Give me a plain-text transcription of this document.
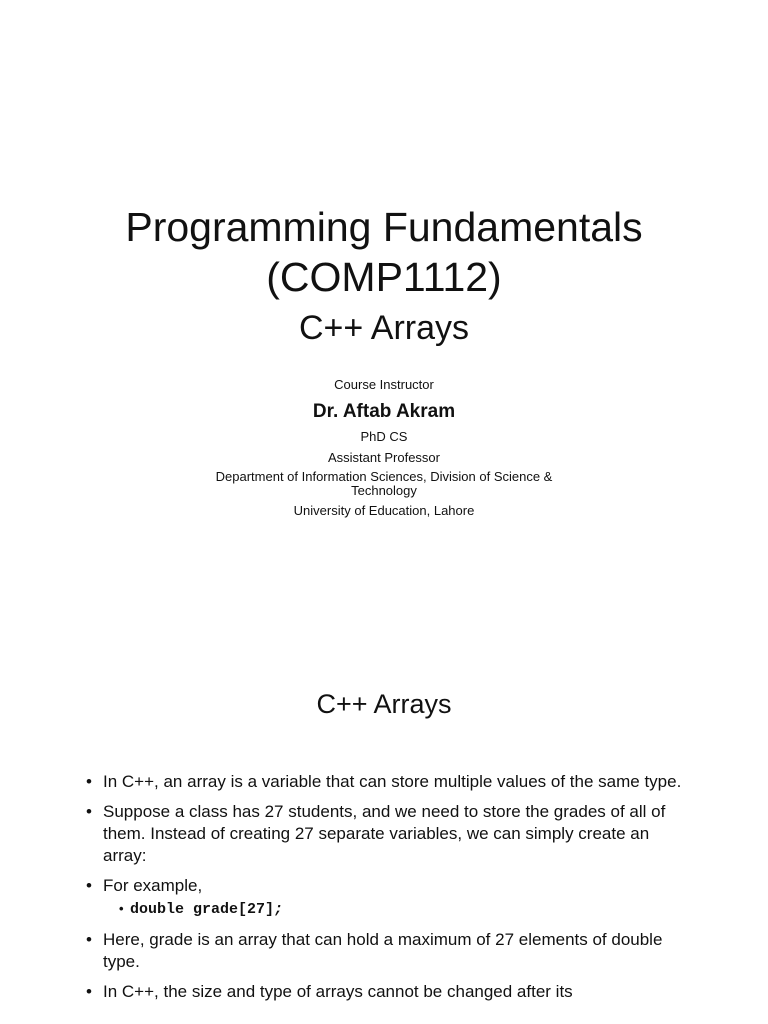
Programming Fundamentals
(COMP1112)
C++ Arrays

Course Instructor

Dr. Aftab Akram

PhD CS

Assistant Professor

Department of Information Sciences, Division of Science & Technology

University of Education, Lahore

C++ Arrays
• In C++, an array is a variable that can store multiple values of the same type.
• Suppose a class has 27 students, and we need to store the grades of all of them. Instead of creating 27 separate variables, we can simply create an array:
• For example,
• double grade[27];
• Here, grade is an array that can hold a maximum of 27 elements of double type.
• In C++, the size and type of arrays cannot be changed after its
